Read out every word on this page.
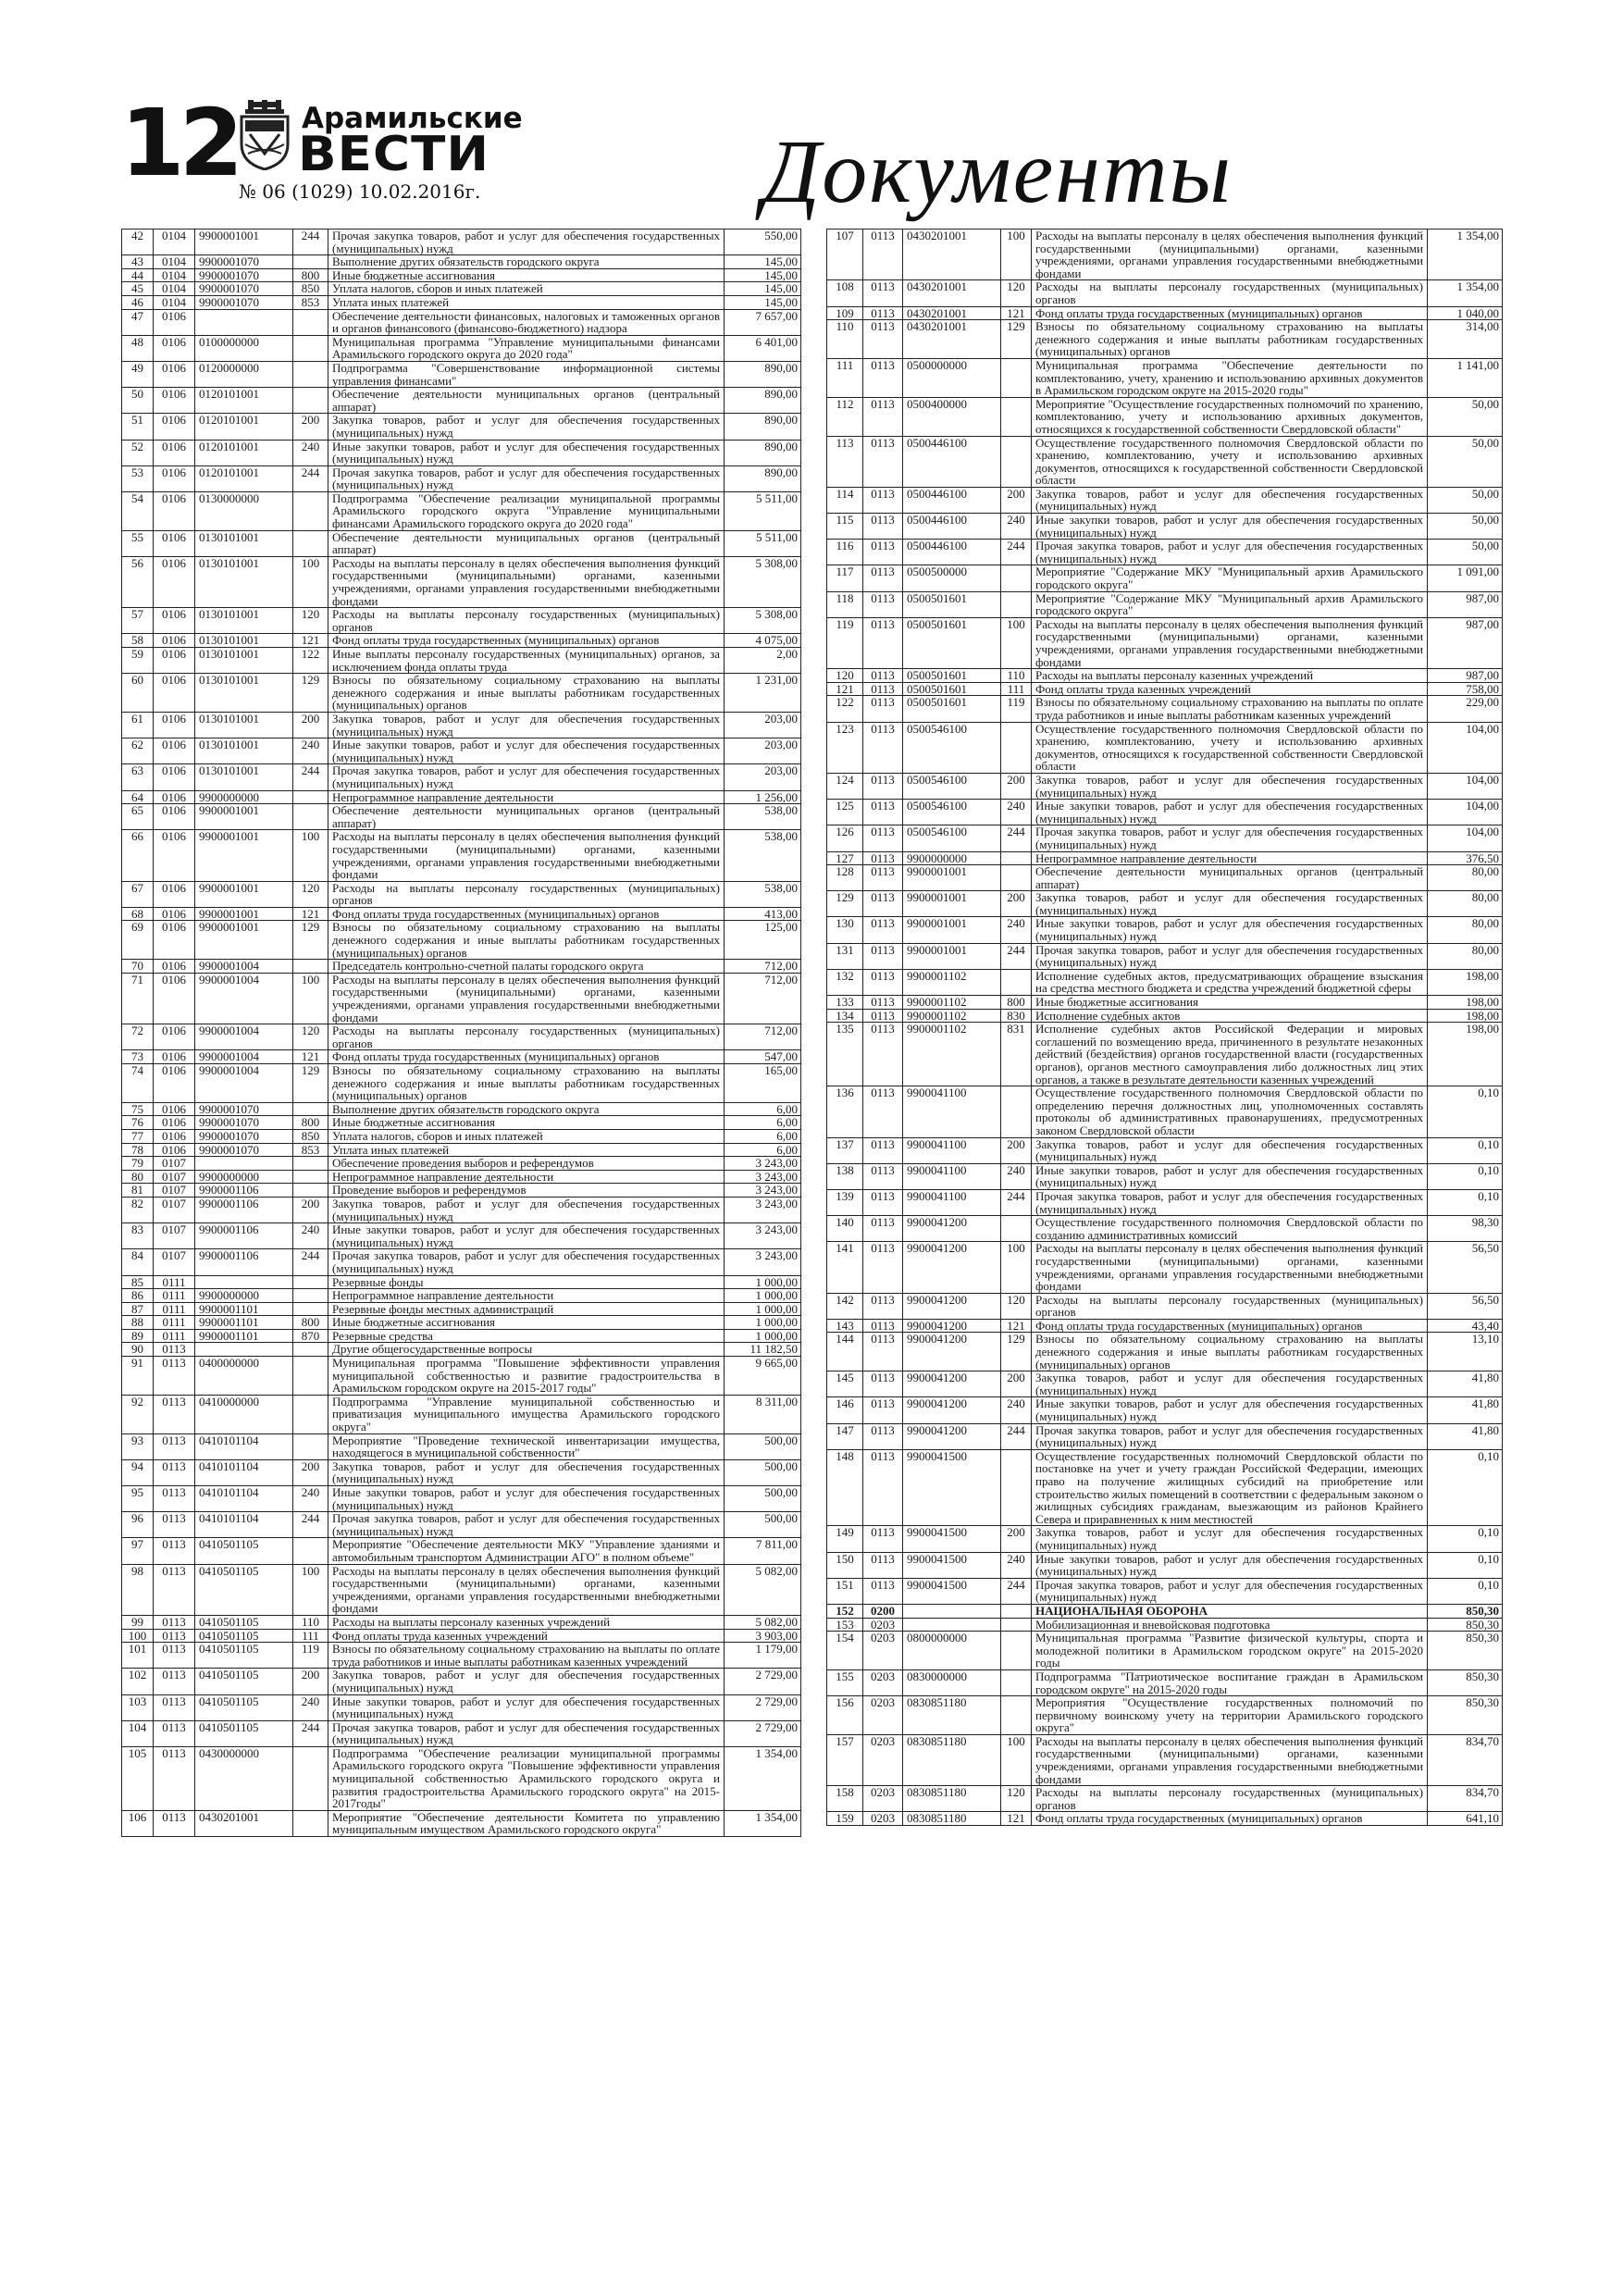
12 Арамильские
ВЕСТИ
№ 06 (1029) 10.02.2016г.	Документы
42	0104	9900001001	244	Прочая закупка товаров, работ и услуг для обеспечения государственных (муниципальных) нужд	550,00
43	0104	9900001070		Выполнение других обязательств городского округа	145,00
44	0104	9900001070	800	Иные бюджетные ассигнования	145,00
45	0104	9900001070	850	Уплата налогов, сборов и иных платежей	145,00
46	0104	9900001070	853	Уплата иных платежей	145,00
47	0106			Обеспечение деятельности финансовых, налоговых и таможенных органов и органов финансового (финансово-бюджетного) надзора	7 657,00
48	0106	0100000000		Муниципальная программа "Управление муниципальными финансами Арамильского городского округа до 2020 года"	6 401,00
49	0106	0120000000		Подпрограмма "Совершенствование информационной системы управления финансами"	890,00
50	0106	0120101001		Обеспечение деятельности муниципальных органов (центральный аппарат)	890,00
51	0106	0120101001	200	Закупка товаров, работ и услуг для обеспечения государственных (муниципальных) нужд	890,00
52	0106	0120101001	240	Иные закупки товаров, работ и услуг для обеспечения государственных (муниципальных) нужд	890,00
53	0106	0120101001	244	Прочая закупка товаров, работ и услуг для обеспечения государственных (муниципальных) нужд	890,00
54	0106	0130000000		Подпрограмма "Обеспечение реализации муниципальной программы Арамильского городского округа "Управление муниципальными финансами Арамильского городского округа до 2020 года"	5 511,00
55	0106	0130101001		Обеспечение деятельности муниципальных органов (центральный аппарат)	5 511,00
56	0106	0130101001	100	Расходы на выплаты персоналу в целях обеспечения выполнения функций государственными (муниципальными) органами, казенными учреждениями, органами управления государственными внебюджетными фондами	5 308,00
57	0106	0130101001	120	Расходы на выплаты персоналу государственных (муниципальных) органов	5 308,00
58	0106	0130101001	121	Фонд оплаты труда государственных (муниципальных) органов	4 075,00
59	0106	0130101001	122	Иные выплаты персоналу государственных (муниципальных) органов, за исключением фонда оплаты труда	2,00
60	0106	0130101001	129	Взносы по обязательному социальному страхованию на выплаты денежного содержания и иные выплаты работникам государственных (муниципальных) органов	1 231,00
61	0106	0130101001	200	Закупка товаров, работ и услуг для обеспечения государственных (муниципальных) нужд	203,00
62	0106	0130101001	240	Иные закупки товаров, работ и услуг для обеспечения государственных (муниципальных) нужд	203,00
63	0106	0130101001	244	Прочая закупка товаров, работ и услуг для обеспечения государственных (муниципальных) нужд	203,00
64	0106	9900000000		Непрограммное направление деятельности	1 256,00
65	0106	9900001001		Обеспечение деятельности муниципальных органов (центральный аппарат)	538,00
66	0106	9900001001	100	Расходы на выплаты персоналу в целях обеспечения выполнения функций государственными (муниципальными) органами, казенными учреждениями, органами управления государственными внебюджетными фондами	538,00
67	0106	9900001001	120	Расходы на выплаты персоналу государственных (муниципальных) органов	538,00
68	0106	9900001001	121	Фонд оплаты труда государственных (муниципальных) органов	413,00
69	0106	9900001001	129	Взносы по обязательному социальному страхованию на выплаты денежного содержания и иные выплаты работникам государственных (муниципальных) органов	125,00
70	0106	9900001004		Председатель контрольно-счетной палаты городского округа	712,00
71	0106	9900001004	100	Расходы на выплаты персоналу в целях обеспечения выполнения функций государственными (муниципальными) органами, казенными учреждениями, органами управления государственными внебюджетными фондами	712,00
72	0106	9900001004	120	Расходы на выплаты персоналу государственных (муниципальных) органов	712,00
73	0106	9900001004	121	Фонд оплаты труда государственных (муниципальных) органов	547,00
74	0106	9900001004	129	Взносы по обязательному социальному страхованию на выплаты денежного содержания и иные выплаты работникам государственных (муниципальных) органов	165,00
75	0106	9900001070		Выполнение других обязательств городского округа	6,00
76	0106	9900001070	800	Иные бюджетные ассигнования	6,00
77	0106	9900001070	850	Уплата налогов, сборов и иных платежей	6,00
78	0106	9900001070	853	Уплата иных платежей	6,00
79	0107			Обеспечение проведения выборов и референдумов	3 243,00
80	0107	9900000000		Непрограммное направление деятельности	3 243,00
81	0107	9900001106		Проведение выборов и референдумов	3 243,00
82	0107	9900001106	200	Закупка товаров, работ и услуг для обеспечения государственных (муниципальных) нужд	3 243,00
83	0107	9900001106	240	Иные закупки товаров, работ и услуг для обеспечения государственных (муниципальных) нужд	3 243,00
84	0107	9900001106	244	Прочая закупка товаров, работ и услуг для обеспечения государственных (муниципальных) нужд	3 243,00
85	0111			Резервные фонды	1 000,00
86	0111	9900000000		Непрограммное направление деятельности	1 000,00
87	0111	9900001101		Резервные фонды местных администраций	1 000,00
88	0111	9900001101	800	Иные бюджетные ассигнования	1 000,00
89	0111	9900001101	870	Резервные средства	1 000,00
90	0113			Другие общегосударственные вопросы	11 182,50
91	0113	0400000000		Муниципальная программа "Повышение эффективности управления муниципальной собственностью и развитие градостроительства в Арамильском городском округе на 2015-2017 годы"	9 665,00
92	0113	0410000000		Подпрограмма "Управление муниципальной собственностью и приватизация муниципального имущества Арамильского городского округа"	8 311,00
93	0113	0410101104		Мероприятие "Проведение технической инвентаризации имущества, находящегося в муниципальной собственности"	500,00
94	0113	0410101104	200	Закупка товаров, работ и услуг для обеспечения государственных (муниципальных) нужд	500,00
95	0113	0410101104	240	Иные закупки товаров, работ и услуг для обеспечения государственных (муниципальных) нужд	500,00
96	0113	0410101104	244	Прочая закупка товаров, работ и услуг для обеспечения государственных (муниципальных) нужд	500,00
97	0113	0410501105		Мероприятие "Обеспечение деятельности МКУ "Управление зданиями и автомобильным транспортом Администрации АГО" в полном объеме"	7 811,00
98	0113	0410501105	100	Расходы на выплаты персоналу в целях обеспечения выполнения функций государственными (муниципальными) органами, казенными учреждениями, органами управления государственными внебюджетными фондами	5 082,00
99	0113	0410501105	110	Расходы на выплаты персоналу казенных учреждений	5 082,00
100	0113	0410501105	111	Фонд оплаты труда казенных учреждений	3 903,00
101	0113	0410501105	119	Взносы по обязательному социальному страхованию на выплаты по оплате труда работников и иные выплаты работникам казенных учреждений	1 179,00
102	0113	0410501105	200	Закупка товаров, работ и услуг для обеспечения государственных (муниципальных) нужд	2 729,00
103	0113	0410501105	240	Иные закупки товаров, работ и услуг для обеспечения государственных (муниципальных) нужд	2 729,00
104	0113	0410501105	244	Прочая закупка товаров, работ и услуг для обеспечения государственных (муниципальных) нужд	2 729,00
105	0113	0430000000		Подпрограмма "Обеспечение реализации муниципальной программы Арамильского городского округа "Повышение эффективности управления муниципальной собственностью Арамильского городского округа и развития градостроительства Арамильского городского округа" на 2015-2017годы"	1 354,00
106	0113	0430201001		Мероприятие "Обеспечение деятельности Комитета по управлению муниципальным имуществом Арамильского городского округа"	1 354,00
107	0113	0430201001	100	Расходы на выплаты персоналу в целях обеспечения выполнения функций государственными (муниципальными) органами, казенными учреждениями, органами управления государственными внебюджетными фондами	1 354,00
108	0113	0430201001	120	Расходы на выплаты персоналу государственных (муниципальных) органов	1 354,00
109	0113	0430201001	121	Фонд оплаты труда государственных (муниципальных) органов	1 040,00
110	0113	0430201001	129	Взносы по обязательному социальному страхованию на выплаты денежного содержания и иные выплаты работникам государственных (муниципальных) органов	314,00
111	0113	0500000000		Муниципальная программа "Обеспечение деятельности по комплектованию, учету, хранению и использованию архивных документов в Арамильском городском округе на 2015-2020 годы"	1 141,00
112	0113	0500400000		Мероприятие "Осуществление государственных полномочий по хранению, комплектованию, учету и использованию архивных документов, относящихся к государственной собственности Свердловской области"	50,00
113	0113	0500446100		Осуществление государственного полномочия Свердловской области по хранению, комплектованию, учету и использованию архивных документов, относящихся к государственной собственности Свердловской области	50,00
114	0113	0500446100	200	Закупка товаров, работ и услуг для обеспечения государственных (муниципальных) нужд	50,00
115	0113	0500446100	240	Иные закупки товаров, работ и услуг для обеспечения государственных (муниципальных) нужд	50,00
116	0113	0500446100	244	Прочая закупка товаров, работ и услуг для обеспечения государственных (муниципальных) нужд	50,00
117	0113	0500500000		Мероприятие "Содержание МКУ "Муниципальный архив Арамильского городского округа"	1 091,00
118	0113	0500501601		Мероприятие "Содержание МКУ "Муниципальный архив Арамильского городского округа"	987,00
119	0113	0500501601	100	Расходы на выплаты персоналу в целях обеспечения выполнения функций государственными (муниципальными) органами, казенными учреждениями, органами управления государственными внебюджетными фондами	987,00
120	0113	0500501601	110	Расходы на выплаты персоналу казенных учреждений	987,00
121	0113	0500501601	111	Фонд оплаты труда казенных учреждений	758,00
122	0113	0500501601	119	Взносы по обязательному социальному страхованию на выплаты по оплате труда работников и иные выплаты работникам казенных учреждений	229,00
123	0113	0500546100		Осуществление государственного полномочия Свердловской области по хранению, комплектованию, учету и использованию архивных документов, относящихся к государственной собственности Свердловской области	104,00
124	0113	0500546100	200	Закупка товаров, работ и услуг для обеспечения государственных (муниципальных) нужд	104,00
125	0113	0500546100	240	Иные закупки товаров, работ и услуг для обеспечения государственных (муниципальных) нужд	104,00
126	0113	0500546100	244	Прочая закупка товаров, работ и услуг для обеспечения государственных (муниципальных) нужд	104,00
127	0113	9900000000		Непрограммное направление деятельности	376,50
128	0113	9900001001		Обеспечение деятельности муниципальных органов (центральный аппарат)	80,00
129	0113	9900001001	200	Закупка товаров, работ и услуг для обеспечения государственных (муниципальных) нужд	80,00
130	0113	9900001001	240	Иные закупки товаров, работ и услуг для обеспечения государственных (муниципальных) нужд	80,00
131	0113	9900001001	244	Прочая закупка товаров, работ и услуг для обеспечения государственных (муниципальных) нужд	80,00
132	0113	9900001102		Исполнение судебных актов, предусматривающих обращение взыскания на средства местного бюджета и средства учреждений бюджетной сферы	198,00
133	0113	9900001102	800	Иные бюджетные ассигнования	198,00
134	0113	9900001102	830	Исполнение судебных актов	198,00
135	0113	9900001102	831	Исполнение судебных актов Российской Федерации и мировых соглашений по возмещению вреда, причиненного в результате незаконных действий (бездействия) органов государственной власти (государственных органов), органов местного самоуправления либо должностных лиц этих органов, а также в результате деятельности казенных учреждений	198,00
136	0113	9900041100		Осуществление государственного полномочия Свердловской области по определению перечня должностных лиц, уполномоченных составлять протоколы об административных правонарушениях, предусмотренных законом Свердловской области	0,10
137	0113	9900041100	200	Закупка товаров, работ и услуг для обеспечения государственных (муниципальных) нужд	0,10
138	0113	9900041100	240	Иные закупки товаров, работ и услуг для обеспечения государственных (муниципальных) нужд	0,10
139	0113	9900041100	244	Прочая закупка товаров, работ и услуг для обеспечения государственных (муниципальных) нужд	0,10
140	0113	9900041200		Осуществление государственного полномочия Свердловской области по созданию административных комиссий	98,30
141	0113	9900041200	100	Расходы на выплаты персоналу в целях обеспечения выполнения функций государственными (муниципальными) органами, казенными учреждениями, органами управления государственными внебюджетными фондами	56,50
142	0113	9900041200	120	Расходы на выплаты персоналу государственных (муниципальных) органов	56,50
143	0113	9900041200	121	Фонд оплаты труда государственных (муниципальных) органов	43,40
144	0113	9900041200	129	Взносы по обязательному социальному страхованию на выплаты денежного содержания и иные выплаты работникам государственных (муниципальных) органов	13,10
145	0113	9900041200	200	Закупка товаров, работ и услуг для обеспечения государственных (муниципальных) нужд	41,80
146	0113	9900041200	240	Иные закупки товаров, работ и услуг для обеспечения государственных (муниципальных) нужд	41,80
147	0113	9900041200	244	Прочая закупка товаров, работ и услуг для обеспечения государственных (муниципальных) нужд	41,80
148	0113	9900041500		Осуществление государственных полномочий Свердловской области по постановке на учет и учету граждан Российской Федерации, имеющих право на получение жилищных субсидий на приобретение или строительство жилых помещений в соответствии с федеральным законом о жилищных субсидиях гражданам, выезжающим из районов Крайнего Севера и приравненных к ним местностей	0,10
149	0113	9900041500	200	Закупка товаров, работ и услуг для обеспечения государственных (муниципальных) нужд	0,10
150	0113	9900041500	240	Иные закупки товаров, работ и услуг для обеспечения государственных (муниципальных) нужд	0,10
151	0113	9900041500	244	Прочая закупка товаров, работ и услуг для обеспечения государственных (муниципальных) нужд	0,10
152	0200			НАЦИОНАЛЬНАЯ ОБОРОНА	850,30
153	0203			Мобилизационная и вневойсковая подготовка	850,30
154	0203	0800000000		Муниципальная программа "Развитие физической культуры, спорта и молодежной политики в Арамильском городском округе" на 2015-2020 годы	850,30
155	0203	0830000000		Подпрограмма "Патриотическое воспитание граждан в Арамильском городском округе" на 2015-2020 годы	850,30
156	0203	0830851180		Мероприятия "Осуществление государственных полномочий по первичному воинскому учету на территории Арамильского городского округа"	850,30
157	0203	0830851180	100	Расходы на выплаты персоналу в целях обеспечения выполнения функций государственными (муниципальными) органами, казенными учреждениями, органами управления государственными внебюджетными фондами	834,70
158	0203	0830851180	120	Расходы на выплаты персоналу государственных (муниципальных) органов	834,70
159	0203	0830851180	121	Фонд оплаты труда государственных (муниципальных) органов	641,10
